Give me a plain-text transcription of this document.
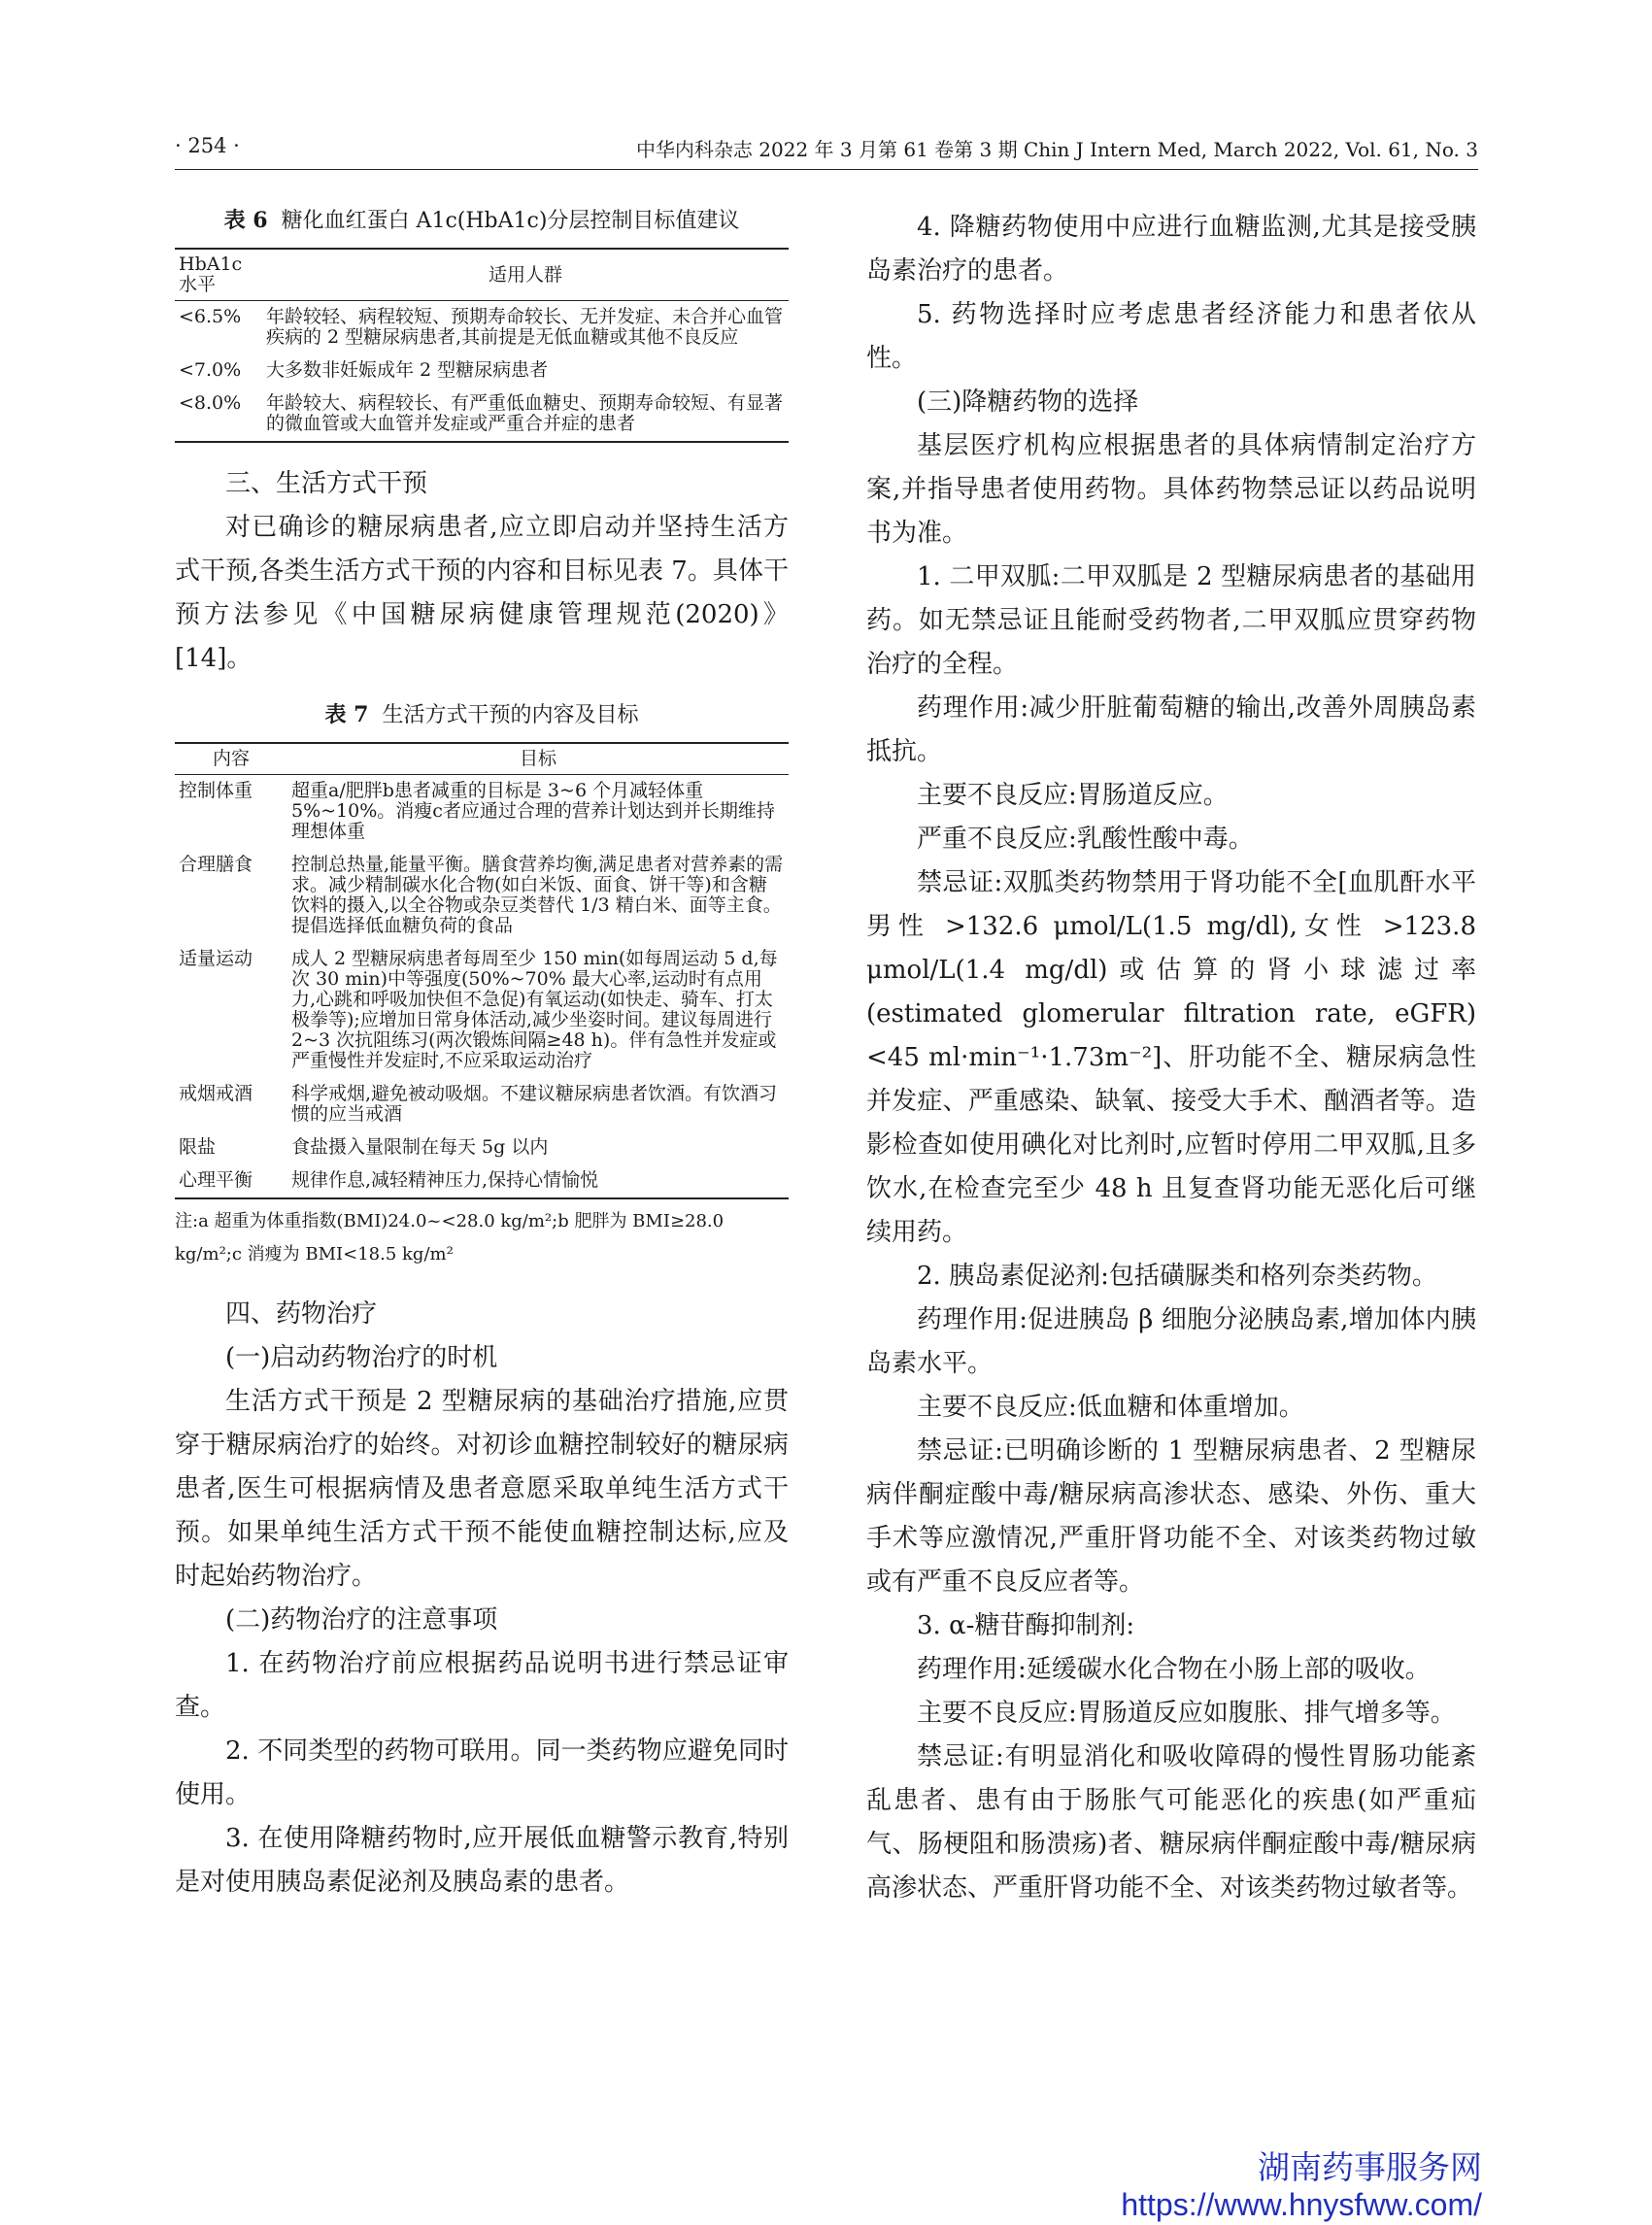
· 254 ·	中华内科杂志 2022 年 3 月第 61 卷第 3 期 Chin J Intern Med, March 2022, Vol. 61, No. 3
表 6 糖化血红蛋白 A1c(HbA1c)分层控制目标值建议
HbA1c 水平	适用人群
<6.5%	年龄较轻、病程较短、预期寿命较长、无并发症、未合并心血管疾病的 2 型糖尿病患者,其前提是无低血糖或其他不良反应
<7.0%	大多数非妊娠成年 2 型糖尿病患者
<8.0%	年龄较大、病程较长、有严重低血糖史、预期寿命较短、有显著的微血管或大血管并发症或严重合并症的患者

三、生活方式干预

对已确诊的糖尿病患者,应立即启动并坚持生活方式干预,各类生活方式干预的内容和目标见表 7。具体干预方法参见《中国糖尿病健康管理规范(2020)》[14]。

表 7 生活方式干预的内容及目标
内容	目标
控制体重	超重a/肥胖b患者减重的目标是 3~6 个月减轻体重 5%~10%。消瘦c者应通过合理的营养计划达到并长期维持理想体重
合理膳食	控制总热量,能量平衡。膳食营养均衡,满足患者对营养素的需求。减少精制碳水化合物(如白米饭、面食、饼干等)和含糖饮料的摄入,以全谷物或杂豆类替代 1/3 精白米、面等主食。提倡选择低血糖负荷的食品
适量运动	成人 2 型糖尿病患者每周至少 150 min(如每周运动 5 d,每次 30 min)中等强度(50%~70% 最大心率,运动时有点用力,心跳和呼吸加快但不急促)有氧运动(如快走、骑车、打太极拳等);应增加日常身体活动,减少坐姿时间。建议每周进行 2~3 次抗阻练习(两次锻炼间隔≥48 h)。伴有急性并发症或严重慢性并发症时,不应采取运动治疗
戒烟戒酒	科学戒烟,避免被动吸烟。不建议糖尿病患者饮酒。有饮酒习惯的应当戒酒
限盐	食盐摄入量限制在每天 5g 以内
心理平衡	规律作息,减轻精神压力,保持心情愉悦
注:a 超重为体重指数(BMI)24.0~<28.0 kg/m²;b 肥胖为 BMI≥28.0 kg/m²;c 消瘦为 BMI<18.5 kg/m²

四、药物治疗

(一)启动药物治疗的时机

生活方式干预是 2 型糖尿病的基础治疗措施,应贯穿于糖尿病治疗的始终。对初诊血糖控制较好的糖尿病患者,医生可根据病情及患者意愿采取单纯生活方式干预。如果单纯生活方式干预不能使血糖控制达标,应及时起始药物治疗。

(二)药物治疗的注意事项

1. 在药物治疗前应根据药品说明书进行禁忌证审查。

2. 不同类型的药物可联用。同一类药物应避免同时使用。

3. 在使用降糖药物时,应开展低血糖警示教育,特别是对使用胰岛素促泌剂及胰岛素的患者。

4. 降糖药物使用中应进行血糖监测,尤其是接受胰岛素治疗的患者。

5. 药物选择时应考虑患者经济能力和患者依从性。

(三)降糖药物的选择

基层医疗机构应根据患者的具体病情制定治疗方案,并指导患者使用药物。具体药物禁忌证以药品说明书为准。

1. 二甲双胍:二甲双胍是 2 型糖尿病患者的基础用药。如无禁忌证且能耐受药物者,二甲双胍应贯穿药物治疗的全程。

药理作用:减少肝脏葡萄糖的输出,改善外周胰岛素抵抗。

主要不良反应:胃肠道反应。

严重不良反应:乳酸性酸中毒。

禁忌证:双胍类药物禁用于肾功能不全[血肌酐水平男性 >132.6 μmol/L(1.5 mg/dl),女性 >123.8 μmol/L(1.4 mg/dl)或估算的肾小球滤过率(estimated glomerular filtration rate, eGFR)<45 ml·min⁻¹·1.73m⁻²]、肝功能不全、糖尿病急性并发症、严重感染、缺氧、接受大手术、酗酒者等。造影检查如使用碘化对比剂时,应暂时停用二甲双胍,且多饮水,在检查完至少 48 h 且复查肾功能无恶化后可继续用药。

2. 胰岛素促泌剂:包括磺脲类和格列奈类药物。

药理作用:促进胰岛 β 细胞分泌胰岛素,增加体内胰岛素水平。

主要不良反应:低血糖和体重增加。

禁忌证:已明确诊断的 1 型糖尿病患者、2 型糖尿病伴酮症酸中毒/糖尿病高渗状态、感染、外伤、重大手术等应激情况,严重肝肾功能不全、对该类药物过敏或有严重不良反应者等。

3. α-糖苷酶抑制剂:

药理作用:延缓碳水化合物在小肠上部的吸收。

主要不良反应:胃肠道反应如腹胀、排气增多等。

禁忌证:有明显消化和吸收障碍的慢性胃肠功能紊乱患者、患有由于肠胀气可能恶化的疾患(如严重疝气、肠梗阻和肠溃疡)者、糖尿病伴酮症酸中毒/糖尿病高渗状态、严重肝肾功能不全、对该类药物过敏者等。

湖南药事服务网
https://www.hnysfww.com/
